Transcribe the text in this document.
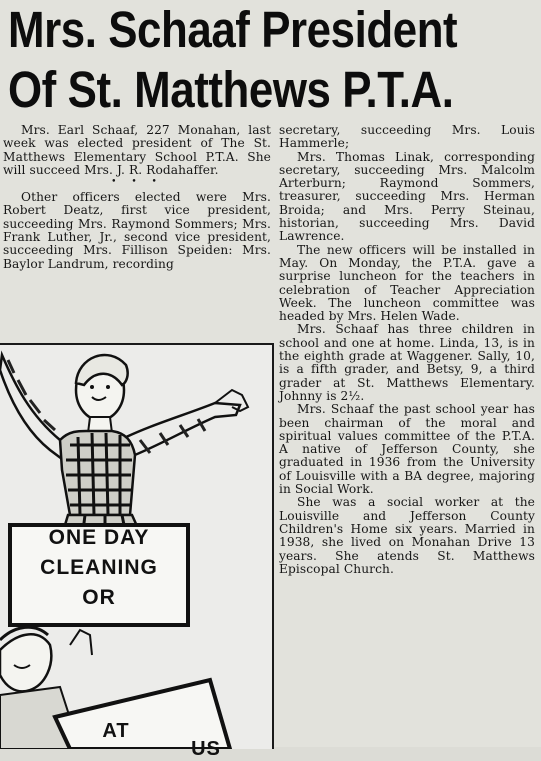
Mrs. Schaaf President
Of St. Matthews P.T.A.

Mrs. Earl Schaaf, 227 Monahan, last week was elected president of The St. Matthews Elementary School P.T.A. She will succeed Mrs. J. R. Rodahaffer.

• • •

Other officers elected were Mrs. Robert Deatz, first vice president, succeeding Mrs. Raymond Sommers; Mrs. Frank Luther, Jr., second vice president, succeeding Mrs. Fillison Speiden: Mrs. Baylor Landrum, recording

secretary, succeeding Mrs. Louis Hammerle;

Mrs. Thomas Linak, corresponding secretary, succeeding Mrs. Malcolm Arterburn; Raymond Sommers, treasurer, succeeding Mrs. Herman Broida; and Mrs. Perry Steinau, historian, succeeding Mrs. David Lawrence.

The new officers will be installed in May. On Monday, the P.T.A. gave a surprise luncheon for the teachers in celebration of Teacher Appreciation Week. The luncheon committee was headed by Mrs. Helen Wade.

Mrs. Schaaf has three children in school and one at home. Linda, 13, is in the eighth grade at Waggener. Sally, 10, is a fifth grader, and Betsy, 9, a third grader at St. Matthews Elementary. Johnny is 2½.

Mrs. Schaaf the past school year has been chairman of the moral and spiritual values committee of the P.T.A. A native of Jefferson County, she graduated in 1936 from the University of Louisville with a BA degree, majoring in Social Work.

She was a social worker at the Louisville and Jefferson County Children's Home six years. Married in 1938, she lived on Monahan Drive 13 years. She atends St. Matthews Episcopal Church.

ONE DAY
CLEANING
OR
AT
US
